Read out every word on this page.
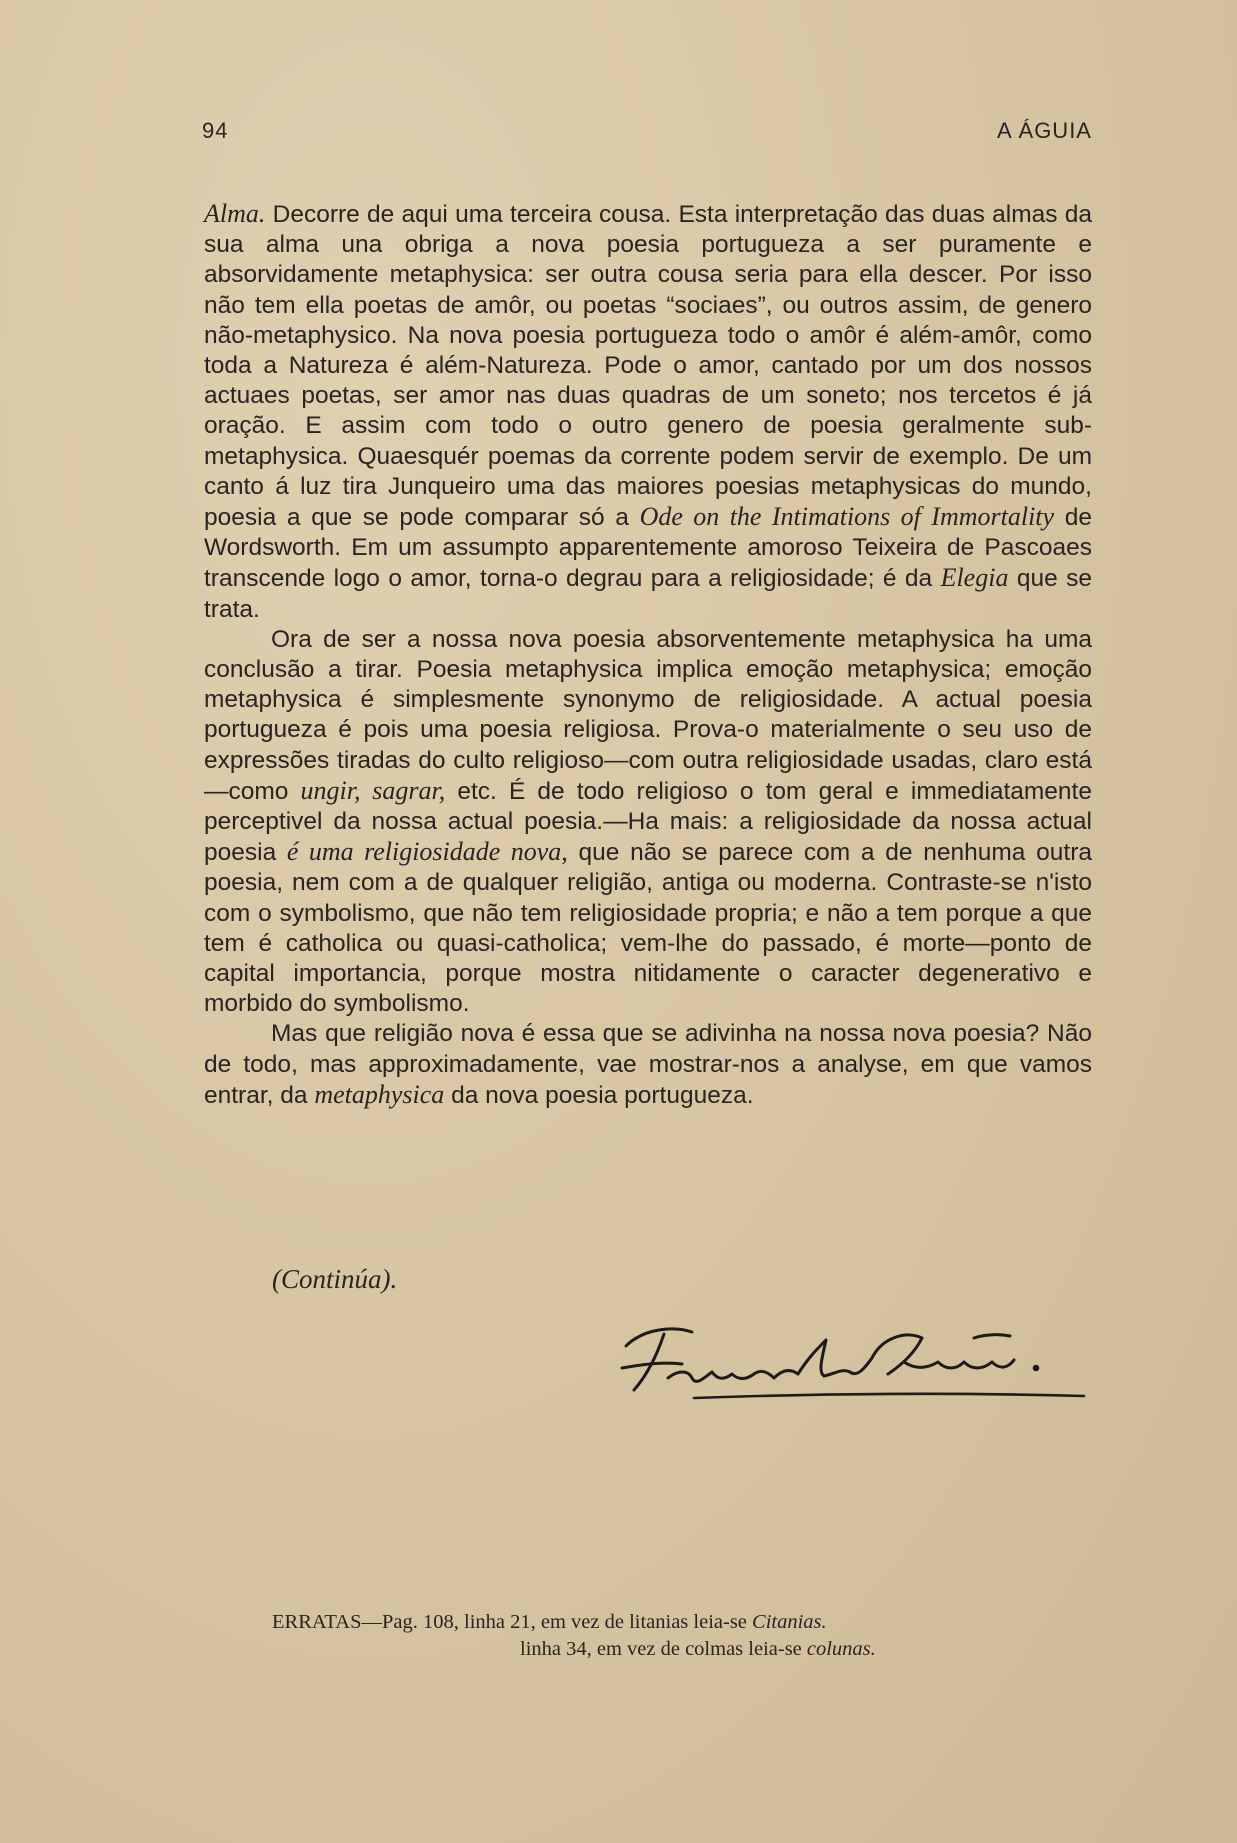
94	A ÁGUIA

Alma. Decorre de aqui uma terceira cousa. Esta interpretação das duas almas da sua alma una obriga a nova poesia portugueza a ser puramente e absorvidamente metaphysica: ser outra cousa seria para ella descer. Por isso não tem ella poetas de amôr, ou poetas “sociaes”, ou outros assim, de genero não-metaphysico. Na nova poesia portugueza todo o amôr é além-amôr, como toda a Natureza é além-Natureza. Pode o amor, cantado por um dos nossos actuaes poetas, ser amor nas duas quadras de um soneto; nos tercetos é já oração. E assim com todo o outro genero de poesia geralmente sub-metaphysica. Quaesquér poemas da corrente podem servir de exemplo. De um canto á luz tira Junqueiro uma das maiores poesias metaphysicas do mundo, poesia a que se pode comparar só a Ode on the Intimations of Immortality de Wordsworth. Em um assumpto apparentemente amoroso Teixeira de Pascoaes transcende logo o amor, torna-o degrau para a religiosidade; é da Elegia que se trata.

Ora de ser a nossa nova poesia absorventemente metaphysica ha uma conclusão a tirar. Poesia metaphysica implica emoção metaphysica; emoção metaphysica é simplesmente synonymo de religiosidade. A actual poesia portugueza é pois uma poesia religiosa. Prova-o materialmente o seu uso de expressões tiradas do culto religioso—com outra religiosidade usadas, claro está—como ungir, sagrar, etc. É de todo religioso o tom geral e immediatamente perceptivel da nossa actual poesia.—Ha mais: a religiosidade da nossa actual poesia é uma religiosidade nova, que não se parece com a de nenhuma outra poesia, nem com a de qualquer religião, antiga ou moderna. Contraste-se n'isto com o symbolismo, que não tem religiosidade propria; e não a tem porque a que tem é catholica ou quasi-catholica; vem-lhe do passado, é morte—ponto de capital importancia, porque mostra nitidamente o caracter degenerativo e morbido do symbolismo.

Mas que religião nova é essa que se adivinha na nossa nova poesia? Não de todo, mas approximadamente, vae mostrar-nos a analyse, em que vamos entrar, da metaphysica da nova poesia portugueza.

(Continúa).
ERRATAS—Pag. 108, linha 21, em vez de litanias leia-se Citanias.
linha 34, em vez de colmas leia-se colunas.
